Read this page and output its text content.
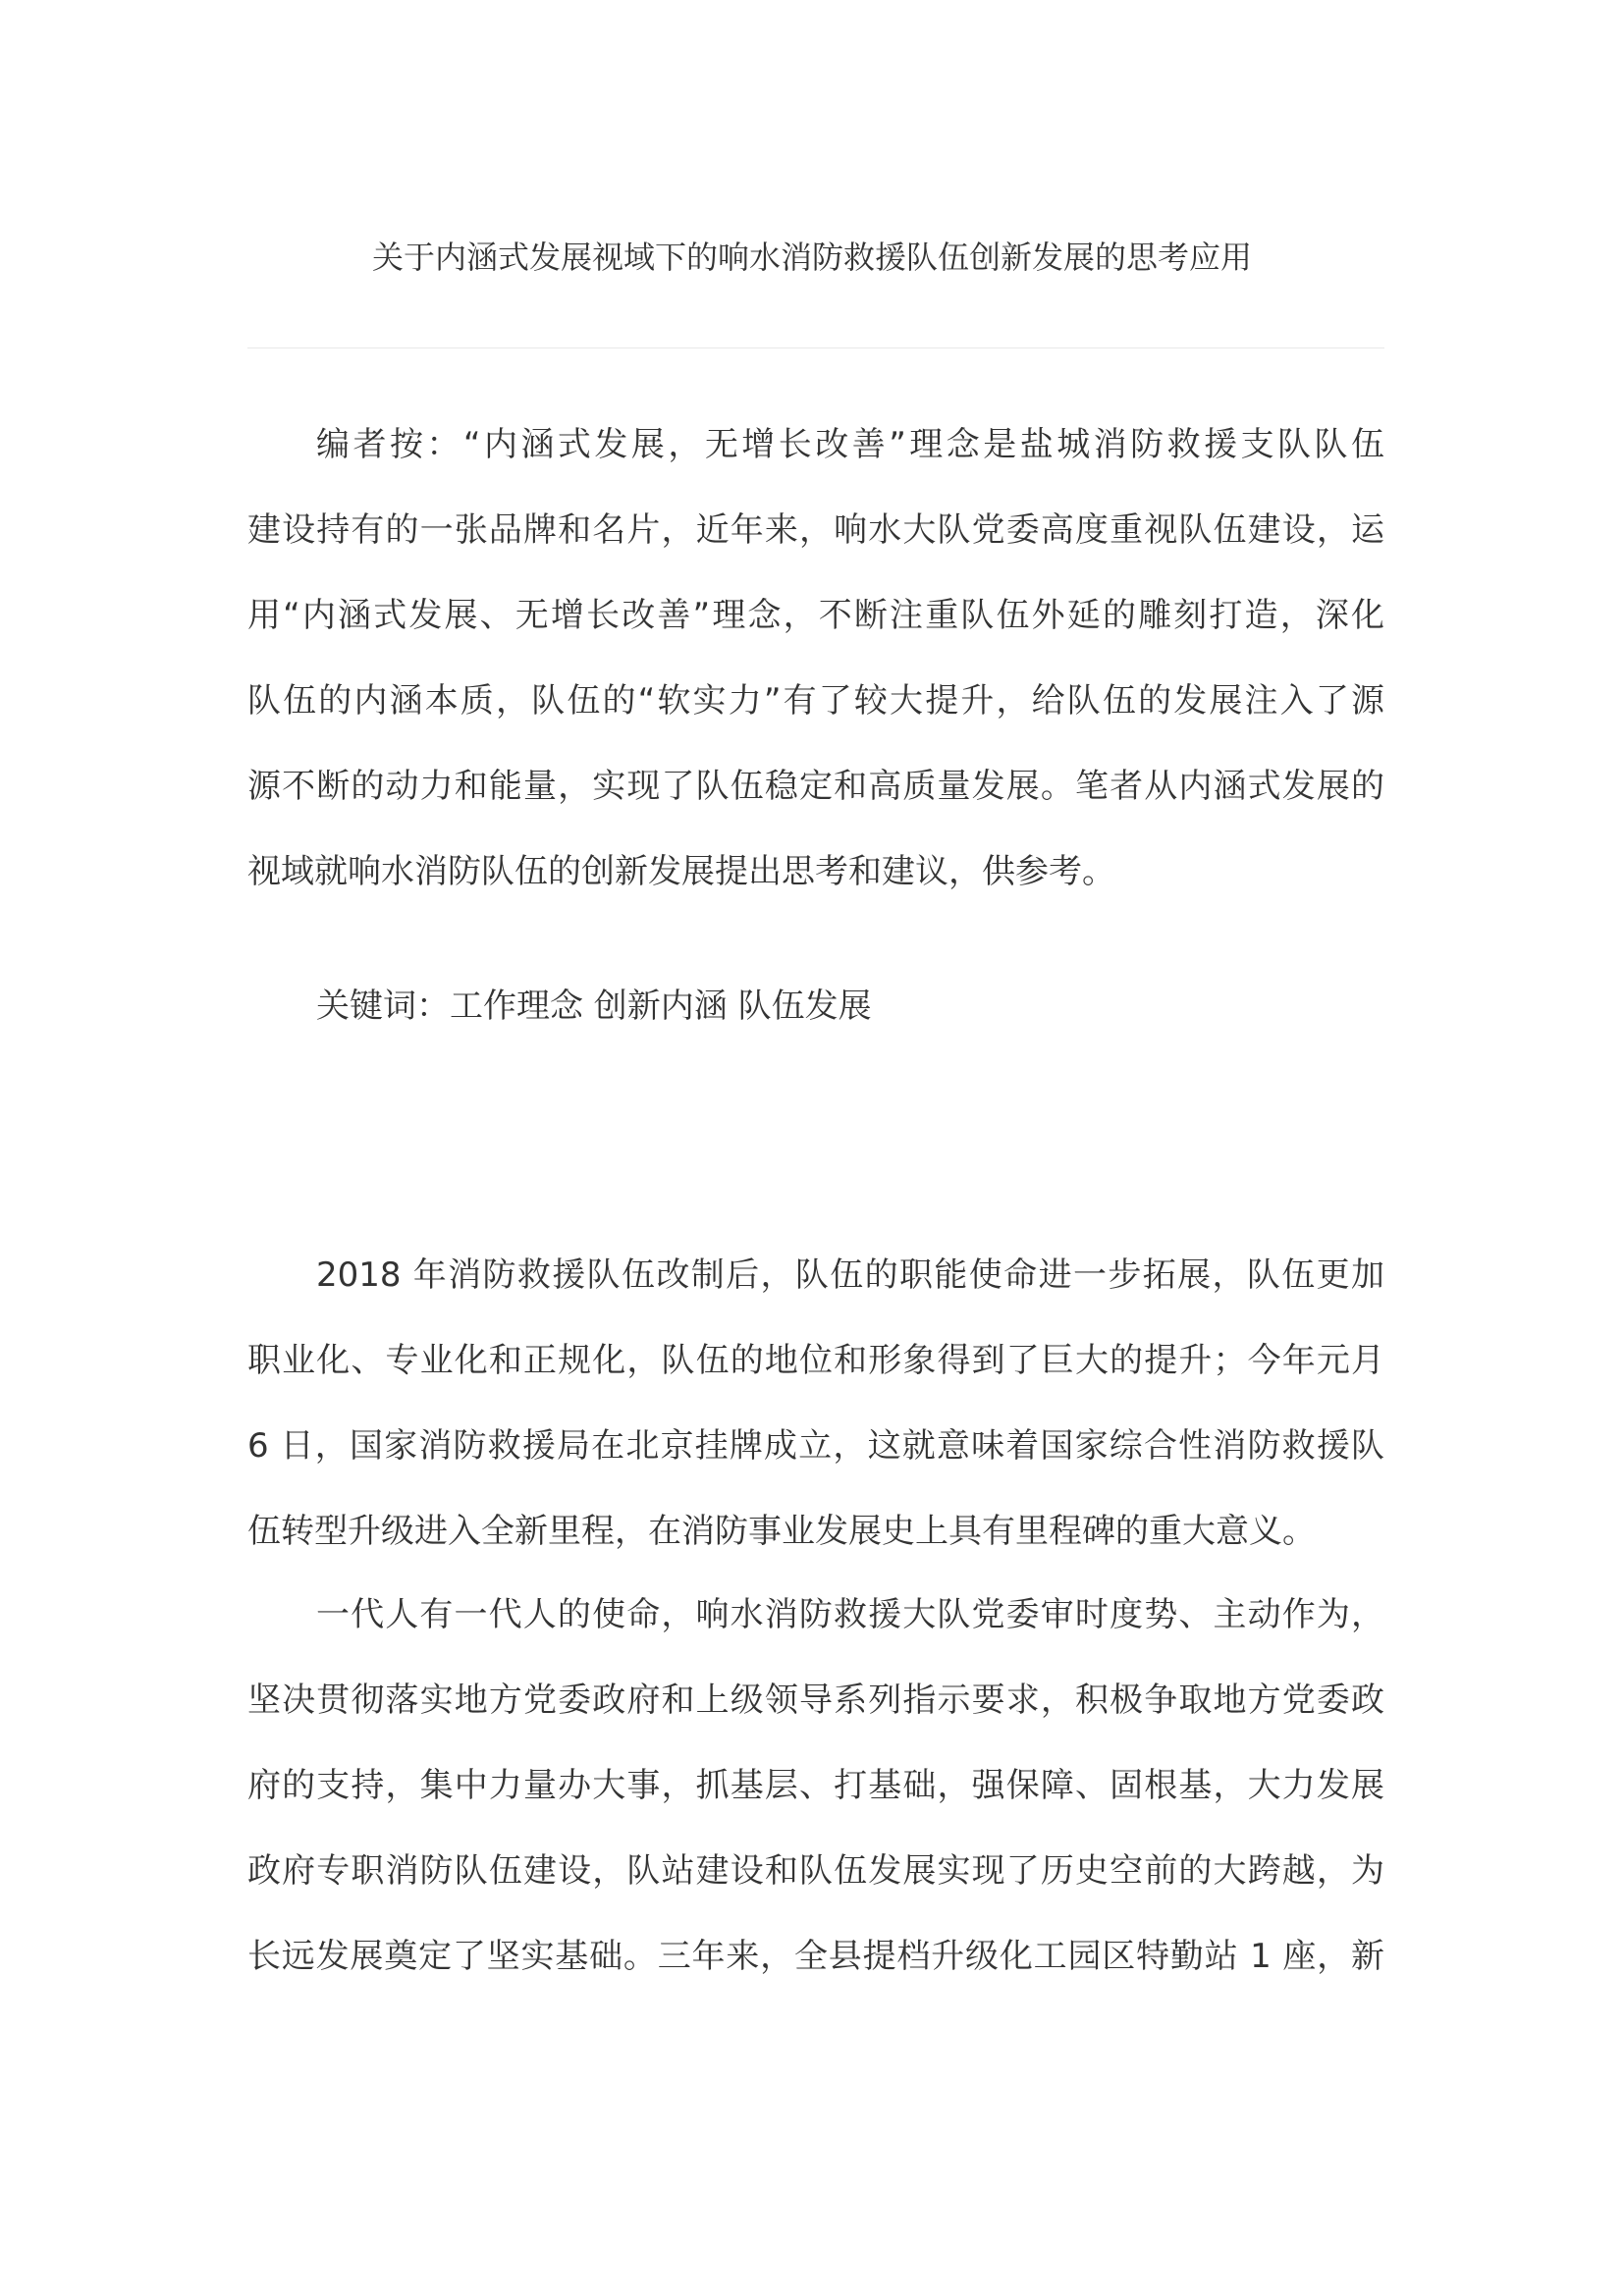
关于内涵式发展视域下的响水消防救援队伍创新发展的思考应用
编者按：“内涵式发展，无增长改善”理念是盐城消防救援支队队伍
建设持有的一张品牌和名片，近年来，响水大队党委高度重视队伍建设，运
用“内涵式发展、无增长改善”理念，不断注重队伍外延的雕刻打造，深化
队伍的内涵本质，队伍的“软实力”有了较大提升，给队伍的发展注入了源
源不断的动力和能量，实现了队伍稳定和高质量发展。笔者从内涵式发展的
视域就响水消防队伍的创新发展提出思考和建议，供参考。
关键词：工作理念 创新内涵 队伍发展
2018 年消防救援队伍改制后，队伍的职能使命进一步拓展，队伍更加
职业化、专业化和正规化，队伍的地位和形象得到了巨大的提升；今年元月
6 日，国家消防救援局在北京挂牌成立，这就意味着国家综合性消防救援队
伍转型升级进入全新里程，在消防事业发展史上具有里程碑的重大意义。
一代人有一代人的使命，响水消防救援大队党委审时度势、主动作为，
坚决贯彻落实地方党委政府和上级领导系列指示要求，积极争取地方党委政
府的支持，集中力量办大事，抓基层、打基础，强保障、固根基，大力发展
政府专职消防队伍建设，队站建设和队伍发展实现了历史空前的大跨越，为
长远发展奠定了坚实基础。三年来，全县提档升级化工园区特勤站 1 座，新
